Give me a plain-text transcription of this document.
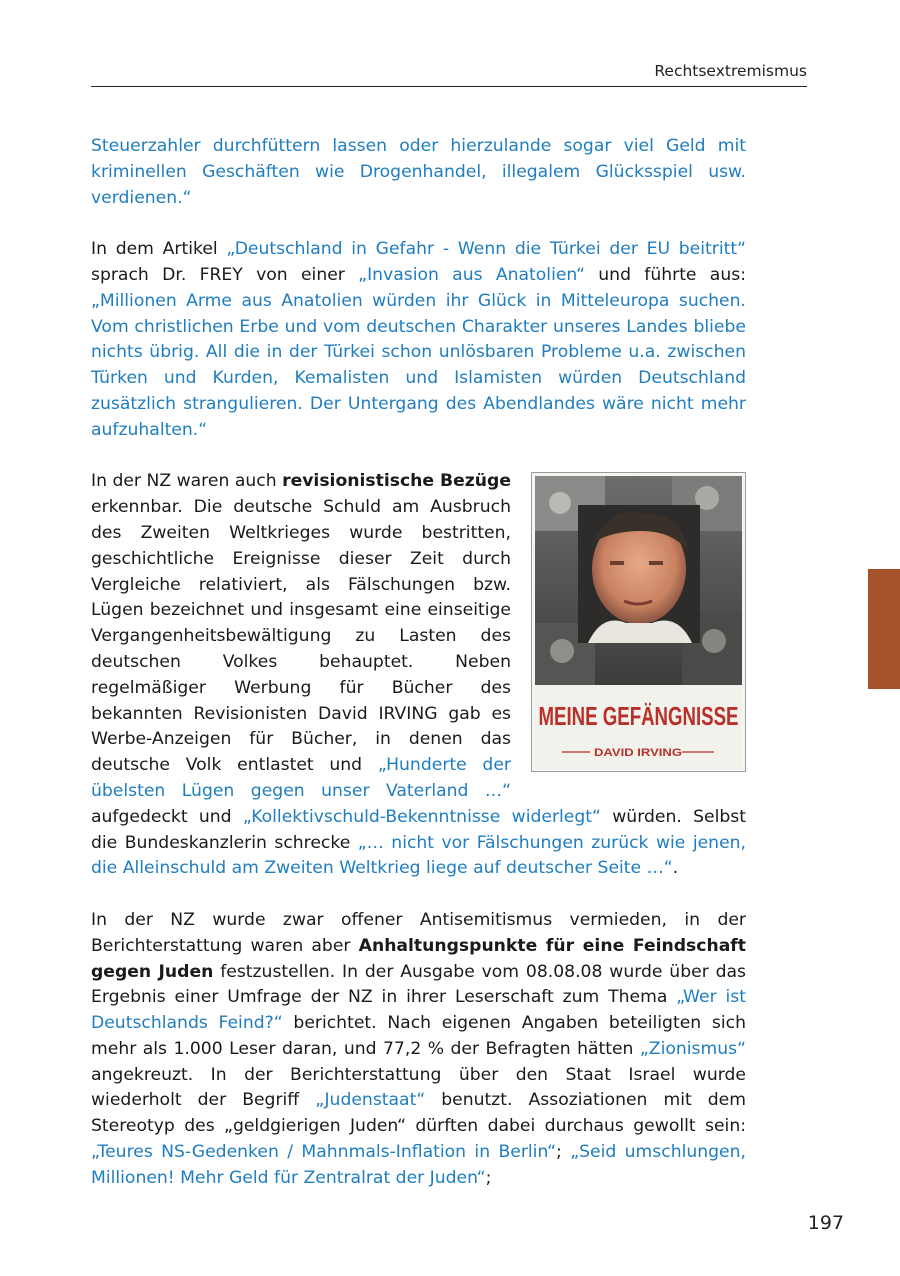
Rechtsextremismus

Steuerzahler durchfüttern lassen oder hierzulande sogar viel Geld mit kriminellen Geschäften wie Drogenhandel, illegalem Glücksspiel usw. verdienen.“

In dem Artikel „Deutschland in Gefahr - Wenn die Türkei der EU beitritt“ sprach Dr. FREY von einer „Invasion aus Anatolien“ und führte aus: „Millionen Arme aus Anatolien würden ihr Glück in Mitteleuropa suchen. Vom christlichen Erbe und vom deutschen Charakter unseres Landes bliebe nichts übrig. All die in der Türkei schon unlösbaren Probleme u.a. zwischen Türken und Kurden, Kemalisten und Islamisten würden Deutschland zusätzlich strangulieren. Der Untergang des Abendlandes wäre nicht mehr aufzuhalten.“

MEINE GEFÄNGNISSE
DAVID IRVING
In der NZ waren auch revisionistische Bezüge erkennbar. Die deutsche Schuld am Ausbruch des Zweiten Weltkrieges wurde bestritten, geschichtliche Ereignisse dieser Zeit durch Vergleiche relativiert, als Fälschungen bzw. Lügen bezeichnet und insgesamt eine einseitige Vergangenheitsbewältigung zu Lasten des deutschen Volkes behauptet. Neben regelmäßiger Werbung für Bücher des bekannten Revisionisten David IRVING gab es Werbe-Anzeigen für Bücher, in denen das deutsche Volk entlastet und „Hunderte der übelsten Lügen gegen unser Vaterland …“ aufgedeckt und „Kollektivschuld-Bekenntnisse widerlegt“ würden. Selbst die Bundeskanzlerin schrecke „… nicht vor Fälschungen zurück wie jenen, die Alleinschuld am Zweiten Weltkrieg liege auf deutscher Seite …“.

In der NZ wurde zwar offener Antisemitismus vermieden, in der Berichterstattung waren aber Anhaltungspunkte für eine Feindschaft gegen Juden festzustellen. In der Ausgabe vom 08.08.08 wurde über das Ergebnis einer Umfrage der NZ in ihrer Leserschaft zum Thema „Wer ist Deutschlands Feind?“ berichtet. Nach eigenen Angaben beteiligten sich mehr als 1.000 Leser daran, und 77,2 % der Befragten hätten „Zionismus“ angekreuzt. In der Berichterstattung über den Staat Israel wurde wiederholt der Begriff „Judenstaat“ benutzt. Assoziationen mit dem Stereotyp des „geldgierigen Juden“ dürften dabei durchaus gewollt sein: „Teures NS-Gedenken / Mahnmals-Inflation in Berlin“; „Seid umschlungen, Millionen! Mehr Geld für Zentralrat der Juden“;

197
